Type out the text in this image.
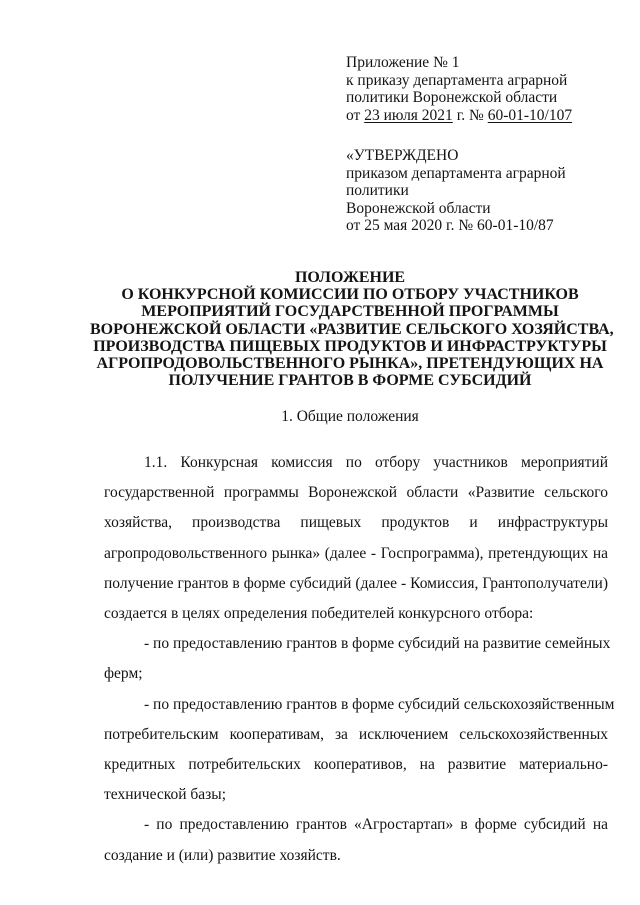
Приложение № 1
к приказу департамента аграрной
политики Воронежской области
от 23 июля 2021 г. № 60-01-10/107
«УТВЕРЖДЕНО
приказом департамента аграрной
политики
Воронежской области
от 25 мая 2020 г. № 60-01-10/87
ПОЛОЖЕНИЕ
О КОНКУРСНОЙ КОМИССИИ ПО ОТБОРУ УЧАСТНИКОВ
МЕРОПРИЯТИЙ ГОСУДАРСТВЕННОЙ ПРОГРАММЫ
ВОРОНЕЖСКОЙ ОБЛАСТИ «РАЗВИТИЕ СЕЛЬСКОГО ХОЗЯЙСТВА,
ПРОИЗВОДСТВА ПИЩЕВЫХ ПРОДУКТОВ И ИНФРАСТРУКТУРЫ
АГРОПРОДОВОЛЬСТВЕННОГО РЫНКА», ПРЕТЕНДУЮЩИХ НА
ПОЛУЧЕНИЕ ГРАНТОВ В ФОРМЕ СУБСИДИЙ
1. Общие положения
1.1. Конкурсная комиссия по отбору участников мероприятий
государственной программы Воронежской области «Развитие сельского
хозяйства, производства пищевых продуктов и инфраструктуры
агропродовольственного рынка» (далее - Госпрограмма), претендующих на
получение грантов в форме субсидий (далее - Комиссия, Грантополучатели)
создается в целях определения победителей конкурсного отбора:
- по предоставлению грантов в форме субсидий на развитие семейных
ферм;
- по предоставлению грантов в форме субсидий сельскохозяйственным
потребительским кооперативам, за исключением сельскохозяйственных
кредитных потребительских кооперативов, на развитие материально-
технической базы;
- по предоставлению грантов «Агростартап» в форме субсидий на
создание и (или) развитие хозяйств.
